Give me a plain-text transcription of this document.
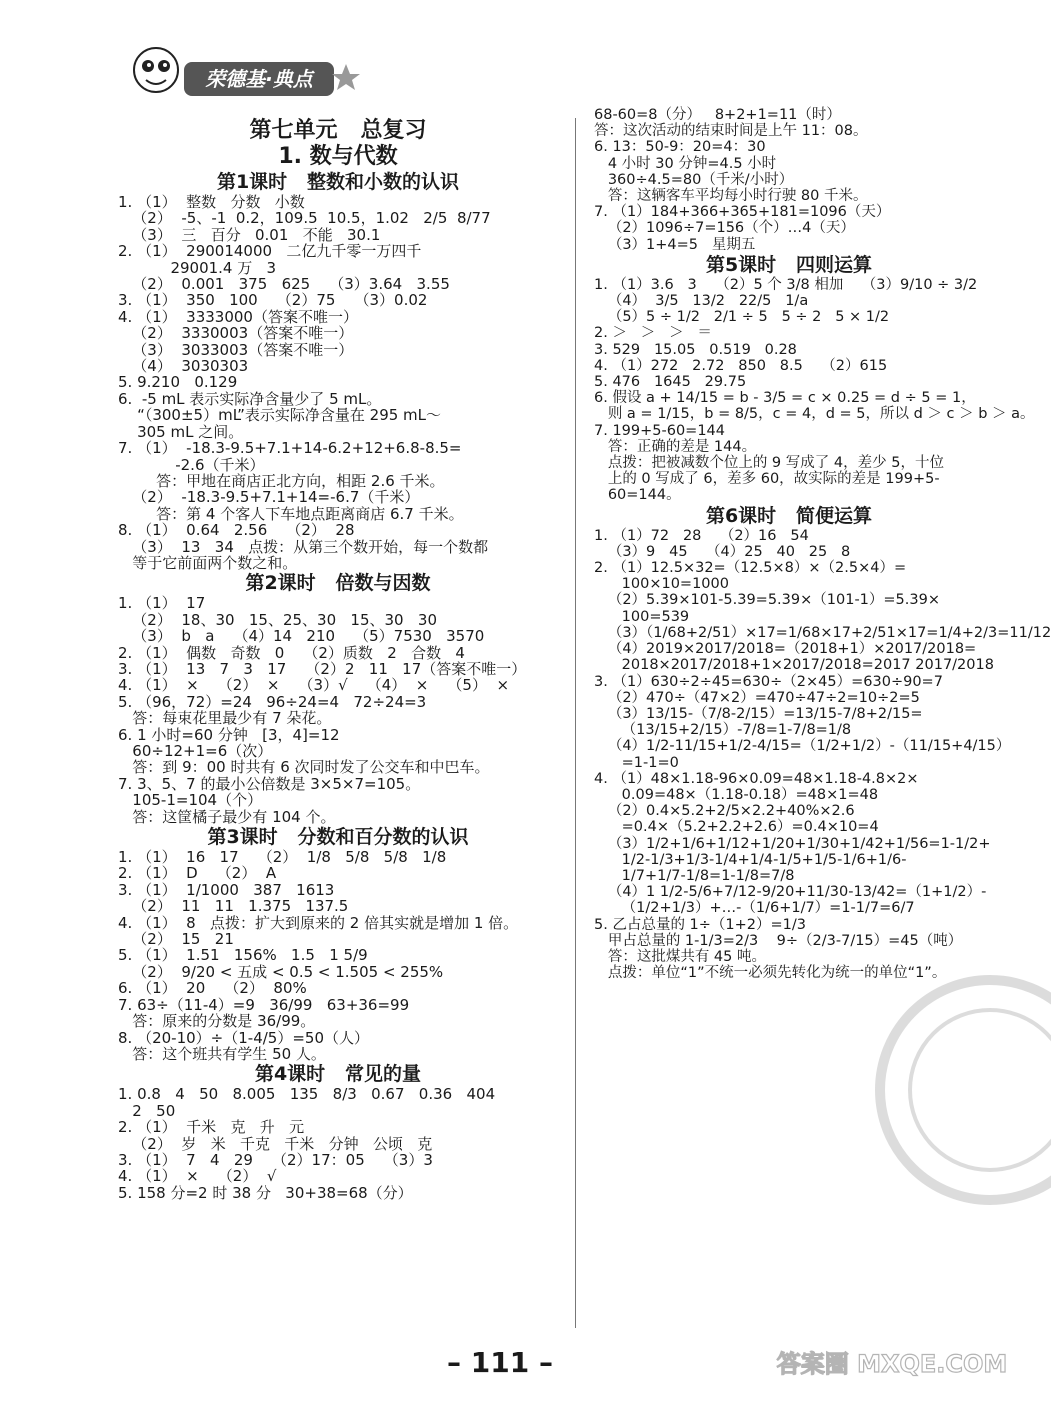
荣德基·典点
第七单元   总复习
1. 数与代数
第1课时   整数和小数的认识
1. （1）  整数   分数   小数
（2）  -5、-1  0.2，109.5  10.5，1.02   2/5  8/77
（3）  三   百分   0.01   不能   30.1
2. （1）  290014000   二亿九千零一万四千
29001.4 万   3
（2）  0.001   375   625    （3）3.64   3.55
3. （1）  350   100    （2）75    （3）0.02
4. （1）  3333000（答案不唯一）
（2）  3330003（答案不唯一）
（3）  3033003（答案不唯一）
（4）  3030303
5. 9.210   0.129
6.  -5 mL 表示实际净含量少了 5 mL。
“（300±5）mL”表示实际净含量在 295 mL～
305 mL 之间。
7. （1）  -18.3-9.5+7.1+14-6.2+12+6.8-8.5=
-2.6（千米）
答：甲地在商店正北方向，相距 2.6 千米。
（2）  -18.3-9.5+7.1+14=-6.7（千米）
答：第 4 个客人下车地点距离商店 6.7 千米。
8. （1）  0.64   2.56    （2）  28
（3）  13   34   点拨：从第三个数开始，每一个数都
等于它前面两个数之和。
第2课时   倍数与因数
1. （1）  17
（2）  18、30   15、25、30   15、30   30
（3）  b   a    （4）14   210    （5）7530   3570
2. （1）  偶数   奇数   0    （2）质数   2   合数   4
3. （1）  13   7   3   17    （2）2   11   17（答案不唯一）
4. （1）  ×    （2）  ×    （3）√    （4）  ×    （5）  ×
5. （96，72）=24   96÷24=4   72÷24=3
答：每束花里最少有 7 朵花。
6. 1 小时=60 分钟   [3，4]=12
60÷12+1=6（次）
答：到 9：00 时共有 6 次同时发了公交车和中巴车。
7. 3、5、7 的最小公倍数是 3×5×7=105。
105-1=104（个）
答：这筐橘子最少有 104 个。
第3课时   分数和百分数的认识
1. （1）  16   17    （2）  1/8   5/8   5/8   1/8
2. （1）  D    （2）  A
3. （1）  1/1000   387   1613
（2）  11   11   1.375   137.5
4. （1）  8   点拨：扩大到原来的 2 倍其实就是增加 1 倍。
（2）  15   21
5. （1）  1.51   156%   1.5   1 5/9
（2）  9/20 < 五成 < 0.5 < 1.505 < 255%
6. （1）  20    （2）  80%
7. 63÷（11-4）=9   36/99   63+36=99
答：原来的分数是 36/99。
8. （20-10）÷（1-4/5）=50（人）
答：这个班共有学生 50 人。
第4课时   常见的量
1. 0.8   4   50   8.005   135   8/3   0.67   0.36   404
2   50
2. （1）  千米   克   升   元
（2）  岁   米   千克   千米   分钟   公顷   克
3. （1）  7   4   29    （2）17：05    （3）3
4. （1）  ×    （2）  √
5. 158 分=2 时 38 分   30+38=68（分）
68-60=8（分）   8+2+1=11（时）
答：这次活动的结束时间是上午 11：08。
6. 13：50-9：20=4：30
4 小时 30 分钟=4.5 小时
360÷4.5=80（千米/小时）
答：这辆客车平均每小时行驶 80 千米。
7. （1）184+366+365+181=1096（天）
（2）1096÷7=156（个）…4（天）
（3）1+4=5   星期五
第5课时   四则运算
1. （1）3.6   3    （2）5 个 3/8 相加    （3）9/10 ÷ 3/2
（4）  3/5   13/2   22/5   1/a
（5）5 ÷ 1/2   2/1 ÷ 5   5 ÷ 2   5 × 1/2
2. ＞   ＞   ＞   ＝
3. 529   15.05   0.519   0.28
4. （1）272   2.72   850   8.5    （2）615
5. 476   1645   29.75
6. 假设 a + 14/15 = b - 3/5 = c × 0.25 = d ÷ 5 = 1，
则 a = 1/15，b = 8/5，c = 4，d = 5，所以 d ＞ c ＞ b ＞ a。
7. 199+5-60=144
答：正确的差是 144。
点拨：把被减数个位上的 9 写成了 4，差少 5，十位
上的 0 写成了 6，差多 60，故实际的差是 199+5-
60=144。
第6课时   简便运算
1. （1）72   28    （2）16   54
（3）9   45    （4）25   40   25   8
2. （1）12.5×32=（12.5×8）×（2.5×4）=
100×10=1000
（2）5.39×101-5.39=5.39×（101-1）=5.39×
100=539
（3）（1/68+2/51）×17=1/68×17+2/51×17=1/4+2/3=11/12
（4）2019×2017/2018=（2018+1）×2017/2018=
2018×2017/2018+1×2017/2018=2017 2017/2018
3. （1）630÷2÷45=630÷（2×45）=630÷90=7
（2）470÷（47×2）=470÷47÷2=10÷2=5
（3）13/15-（7/8-2/15）=13/15-7/8+2/15=
（13/15+2/15）-7/8=1-7/8=1/8
（4）1/2-11/15+1/2-4/15=（1/2+1/2）-（11/15+4/15）
=1-1=0
4. （1）48×1.18-96×0.09=48×1.18-4.8×2×
0.09=48×（1.18-0.18）=48×1=48
（2）0.4×5.2+2/5×2.2+40%×2.6
=0.4×（5.2+2.2+2.6）=0.4×10=4
（3）1/2+1/6+1/12+1/20+1/30+1/42+1/56=1-1/2+
1/2-1/3+1/3-1/4+1/4-1/5+1/5-1/6+1/6-
1/7+1/7-1/8=1-1/8=7/8
（4）1 1/2-5/6+7/12-9/20+11/30-13/42=（1+1/2）-
（1/2+1/3）+…-（1/6+1/7）=1-1/7=6/7
5. 乙占总量的 1÷（1+2）=1/3
甲占总量的 1-1/3=2/3    9÷（2/3-7/15）=45（吨）
答：这批煤共有 45 吨。
点拨：单位“1”不统一必须先转化为统一的单位“1”。
– 111 –	答案圈 MXQE.COM
